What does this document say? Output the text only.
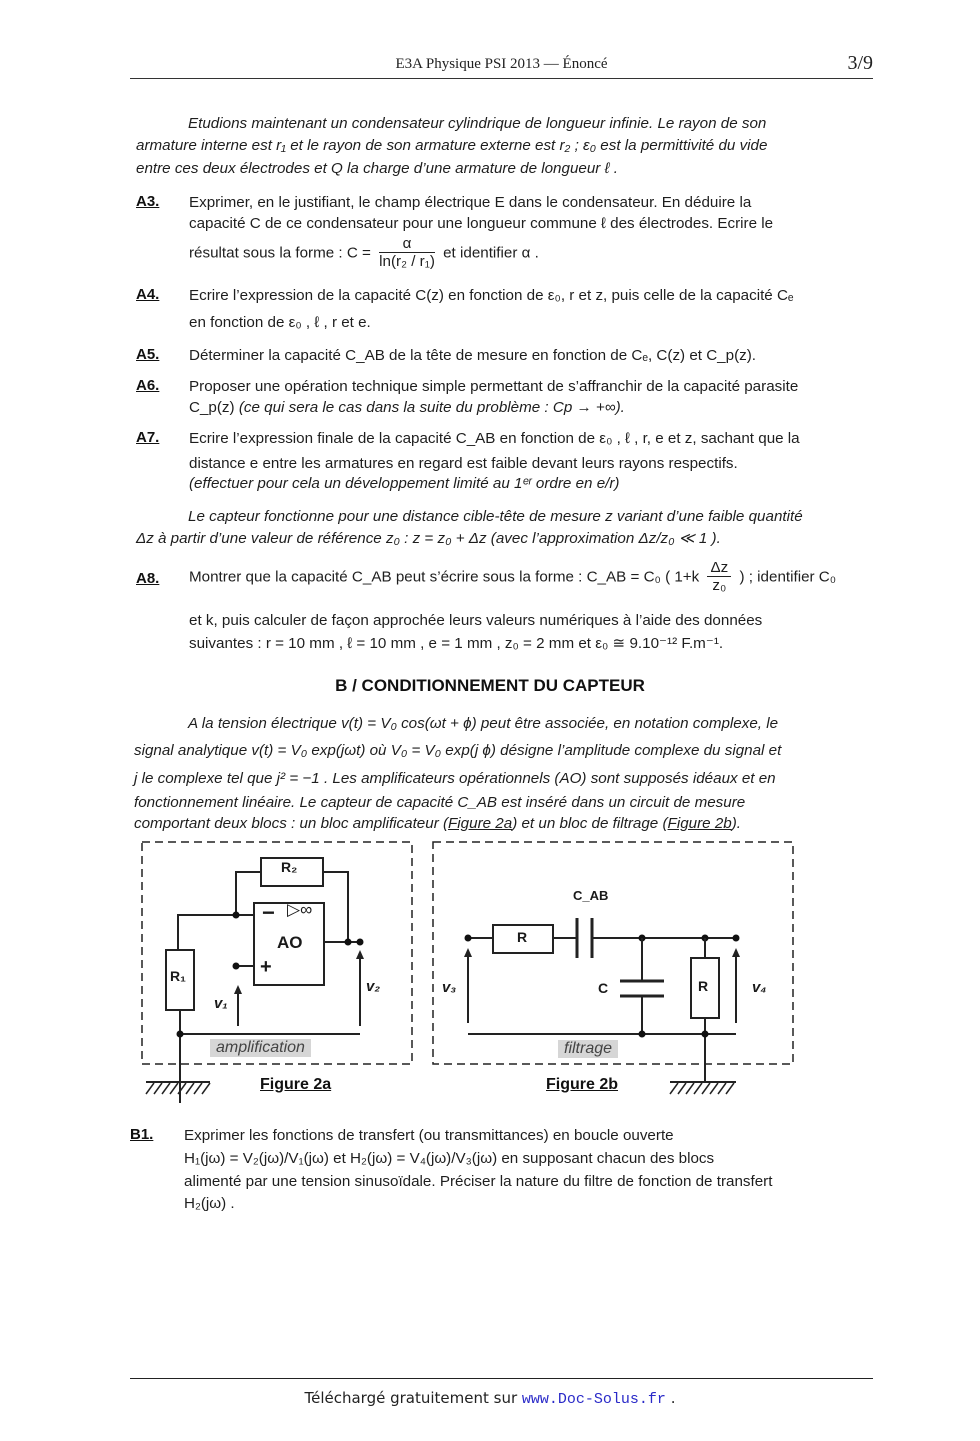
E3A Physique PSI 2013 — Énoncé	3/9
Etudions maintenant un condensateur cylindrique de longueur infinie. Le rayon de son
armature interne est r₁ et le rayon de son armature externe est r₂ ; ε₀ est la permittivité du vide
entre ces deux électrodes et Q la charge d’une armature de longueur ℓ .
A3. Exprimer, en le justifiant, le champ électrique E dans le condensateur. En déduire la
capacité C de ce condensateur pour une longueur commune ℓ des électrodes. Ecrire le
résultat sous la forme : $C = \frac{\alpha}{\text{ln(r₂ / r₁)}}$ et identifier α .
A4. Ecrire l’expression de la capacité C(z) en fonction de ε₀, r et z, puis celle de la capacité Cₑ
en fonction de ε₀ , ℓ , r et e.
A5. Déterminer la capacité C_AB de la tête de mesure en fonction de Cₑ, C(z) et C_p(z).
A6. Proposer une opération technique simple permettant de s’affranchir de la capacité parasite
C_p(z) (ce qui sera le cas dans la suite du problème : Cp → +∞).
A7. Ecrire l’expression finale de la capacité C_AB en fonction de ε₀ , ℓ , r, e et z, sachant que la
distance e entre les armatures en regard est faible devant leurs rayons respectifs.
(effectuer pour cela un développement limité au 1ᵉʳ ordre en e/r)
Le capteur fonctionne pour une distance cible-tête de mesure z variant d’une faible quantité
Δz à partir d’une valeur de référence z₀ : z = z₀ + Δz (avec l’approximation Δz/z₀ ≪ 1 ).
A8. Montrer que la capacité C_AB peut s’écrire sous la forme : C_AB = C₀ ( $1+k \frac{\Delta z}{\text{z₀}}$ ) ; identifier C₀
et k, puis calculer de façon approchée leurs valeurs numériques à l’aide des données
suivantes : r = 10 mm , ℓ = 10 mm , e = 1 mm , z₀ = 2 mm et ε₀ ≅ 9.10⁻¹² F.m⁻¹.
B / CONDITIONNEMENT DU CAPTEUR
A la tension électrique v(t) = V₀ cos(ωt + ϕ) peut être associée, en notation complexe, le
signal analytique v(t) = V₀ exp(jωt) où V₀ = V₀ exp(j ϕ) désigne l’amplitude complexe du signal et
j le complexe tel que j² = −1 . Les amplificateurs opérationnels (AO) sont supposés idéaux et en
fonctionnement linéaire. Le capteur de capacité C_AB est inséré dans un circuit de mesure
comportant deux blocs : un bloc amplificateur (Figure 2a) et un bloc de filtrage (Figure 2b).
R₂
− ▷∞
AO
+
R₁
v₁
v₂
amplification
Figure 2a
C_AB
R
C	R
v₃	v₄
filtrage
Figure 2b
B1. Exprimer les fonctions de transfert (ou transmittances) en boucle ouverte
H₁(jω) = V₂(jω)/V₁(jω) et H₂(jω) = V₄(jω)/V₃(jω) en supposant chacun des blocs
alimenté par une tension sinusoïdale. Préciser la nature du filtre de fonction de transfert
H₂(jω) .
Téléchargé gratuitement sur www.Doc-Solus.fr .
